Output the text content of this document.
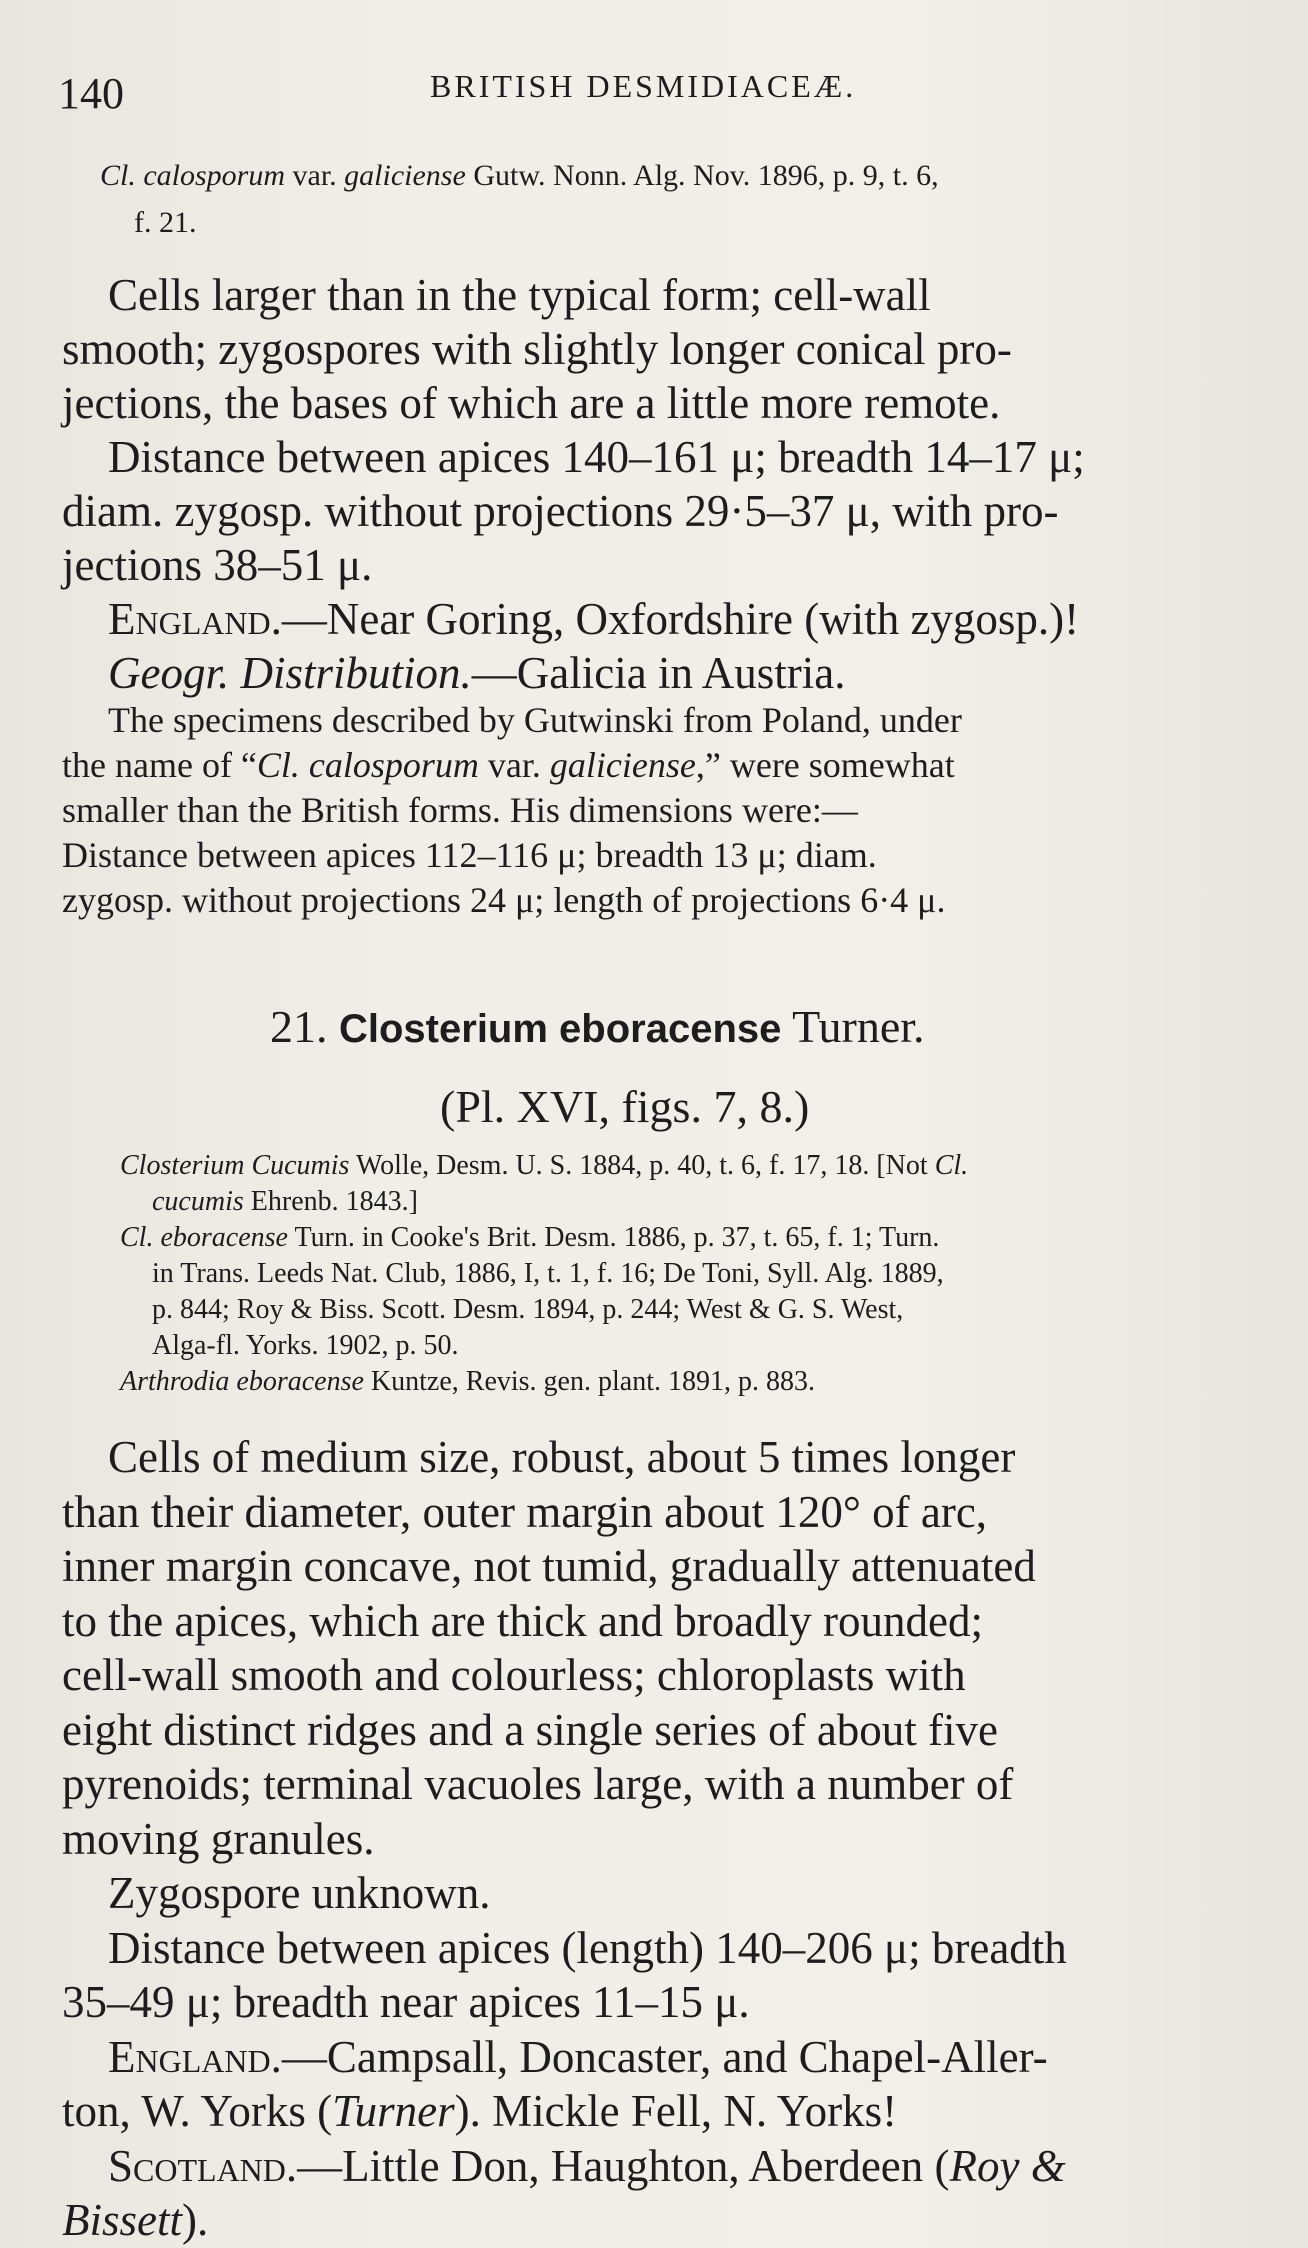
140	BRITISH DESMIDIACEÆ.
Cl. calosporum var. galiciense Gutw. Nonn. Alg. Nov. 1896, p. 9, t. 6,
f. 21.
Cells larger than in the typical form; cell-wall
smooth; zygospores with slightly longer conical pro-
jections, the bases of which are a little more remote.
Distance between apices 140–161 μ; breadth 14–17 μ;
diam. zygosp. without projections 29·5–37 μ, with pro-
jections 38–51 μ.
England.—Near Goring, Oxfordshire (with zygosp.)!
Geogr. Distribution.—Galicia in Austria.
The specimens described by Gutwinski from Poland, under
the name of “Cl. calosporum var. galiciense,” were somewhat
smaller than the British forms. His dimensions were:—
Distance between apices 112–116 μ; breadth 13 μ; diam.
zygosp. without projections 24 μ; length of projections 6·4 μ.
21. Closterium eboracense Turner.
(Pl. XVI, figs. 7, 8.)
Closterium Cucumis Wolle, Desm. U. S. 1884, p. 40, t. 6, f. 17, 18. [Not Cl.
cucumis Ehrenb. 1843.]
Cl. eboracense Turn. in Cooke's Brit. Desm. 1886, p. 37, t. 65, f. 1; Turn.
in Trans. Leeds Nat. Club, 1886, I, t. 1, f. 16; De Toni, Syll. Alg. 1889,
p. 844; Roy & Biss. Scott. Desm. 1894, p. 244; West & G. S. West,
Alga-fl. Yorks. 1902, p. 50.
Arthrodia eboracense Kuntze, Revis. gen. plant. 1891, p. 883.
Cells of medium size, robust, about 5 times longer
than their diameter, outer margin about 120° of arc,
inner margin concave, not tumid, gradually attenuated
to the apices, which are thick and broadly rounded;
cell-wall smooth and colourless; chloroplasts with
eight distinct ridges and a single series of about five
pyrenoids; terminal vacuoles large, with a number of
moving granules.
Zygospore unknown.
Distance between apices (length) 140–206 μ; breadth
35–49 μ; breadth near apices 11–15 μ.
England.—Campsall, Doncaster, and Chapel-Aller-
ton, W. Yorks (Turner). Mickle Fell, N. Yorks!
Scotland.—Little Don, Haughton, Aberdeen (Roy &
Bissett).
